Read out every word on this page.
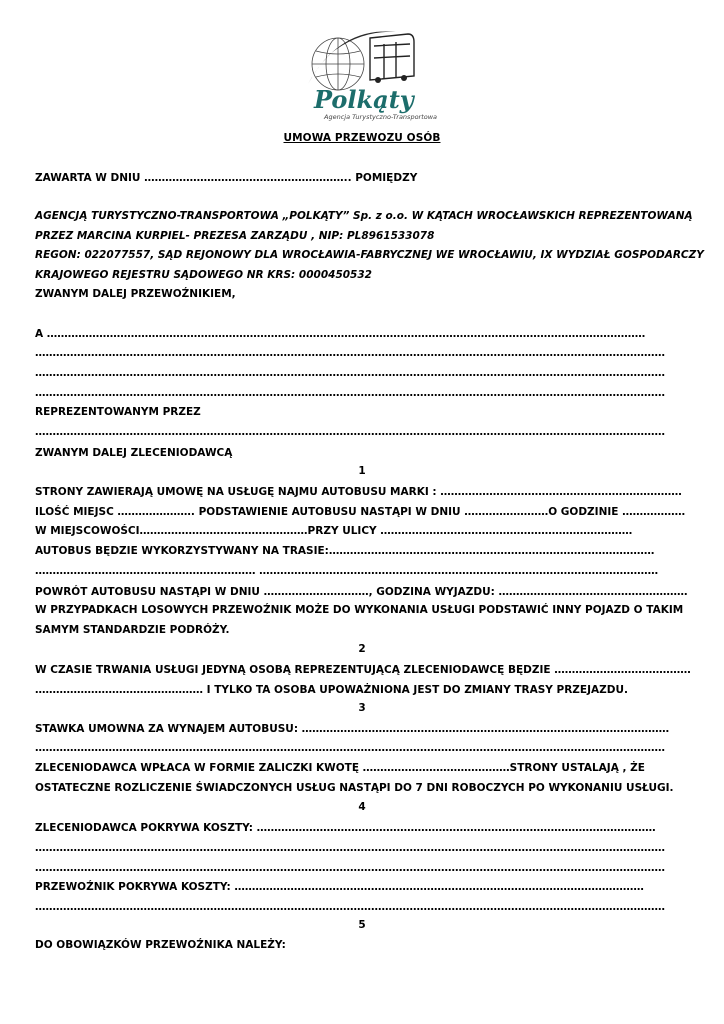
Polkąty
Agencja Turystyczno-Transportowa
UMOWA PRZEWOZU OSÓB
ZAWARTA W DNIU ………………………………………………….. POMIĘDZY
AGENCJĄ TURYSTYCZNO-TRANSPORTOWA „POLKĄTY” Sp. z o.o. W KĄTACH WROCŁAWSKICH REPREZENTOWANĄ
PRZEZ MARCINA KURPIEL- PREZESA ZARZĄDU , NIP: PL8961533078
REGON: 022077557, SĄD REJONOWY DLA WROCŁAWIA-FABRYCZNEJ WE WROCŁAWIU, IX WYDZIAŁ GOSPODARCZY
KRAJOWEGO REJESTRU SĄDOWEGO NR KRS: 0000450532
ZWANYM DALEJ PRZEWOŹNIKIEM,
A ………………………………………………………………………………………………………………………………………………………
………………………………………………………………………………………………………………………………………………………………
………………………………………………………………………………………………………………………………………………………………
………………………………………………………………………………………………………………………………………………………………
REPREZENTOWANYM PRZEZ
………………………………………………………………………………………………………………………………………………………………
ZWANYM DALEJ ZLECENIODAWCĄ
1
STRONY ZAWIERAJĄ UMOWĘ NA USŁUGĘ NAJMU AUTOBUSU MARKI : ……………………………………………………………
ILOŚĆ MIEJSC …………………. PODSTAWIENIE AUTOBUSU NASTĄPI W DNIU ……………………O GODZINIE ………………
W MIEJSCOWOŚCI…………………………………………PRZY ULICY ………………………………………………………………
AUTOBUS BĘDZIE WYKORZYSTYWANY NA TRASIE:…………………………………………………………………………………
……………………………………………………… ……………………………………………………………………………………………………
POWRÓT AUTOBUSU NASTĄPI W DNIU …………………………, GODZINA WYJAZDU: ………………………………………………
W PRZYPADKACH LOSOWYCH PRZEWOŹNIK MOŻE DO WYKONANIA USŁUGI PODSTAWIĆ INNY POJAZD O TAKIM
SAMYM STANDARDZIE PODRÓŻY.
2
W CZASIE TRWANIA USŁUGI JEDYNĄ OSOBĄ REPREZENTUJĄCĄ ZLECENIODAWCĘ BĘDZIE …………………………………
………………………………………… I TYLKO TA OSOBA UPOWAŻNIONA JEST DO ZMIANY TRASY PRZEJAZDU.
3
STAWKA UMOWNA ZA WYNAJEM AUTOBUSU: ……………………………………………………………………………………………
………………………………………………………………………………………………………………………………………………………………
ZLECENIODAWCA WPŁACA W FORMIE ZALICZKI KWOTĘ ……………………………………STRONY USTALAJĄ , ŻE
OSTATECZNE ROZLICZENIE ŚWIADCZONYCH USŁUG NASTĄPI DO 7 DNI ROBOCZYCH PO WYKONANIU USŁUGI.
4
ZLECENIODAWCA POKRYWA KOSZTY: ……………………………………………………………………………………………………
………………………………………………………………………………………………………………………………………………………………
………………………………………………………………………………………………………………………………………………………………
PRZEWOŹNIK POKRYWA KOSZTY: ………………………………………………………………………………………………………
………………………………………………………………………………………………………………………………………………………………
5
DO OBOWIĄZKÓW PRZEWOŹNIKA NALEŻY:
